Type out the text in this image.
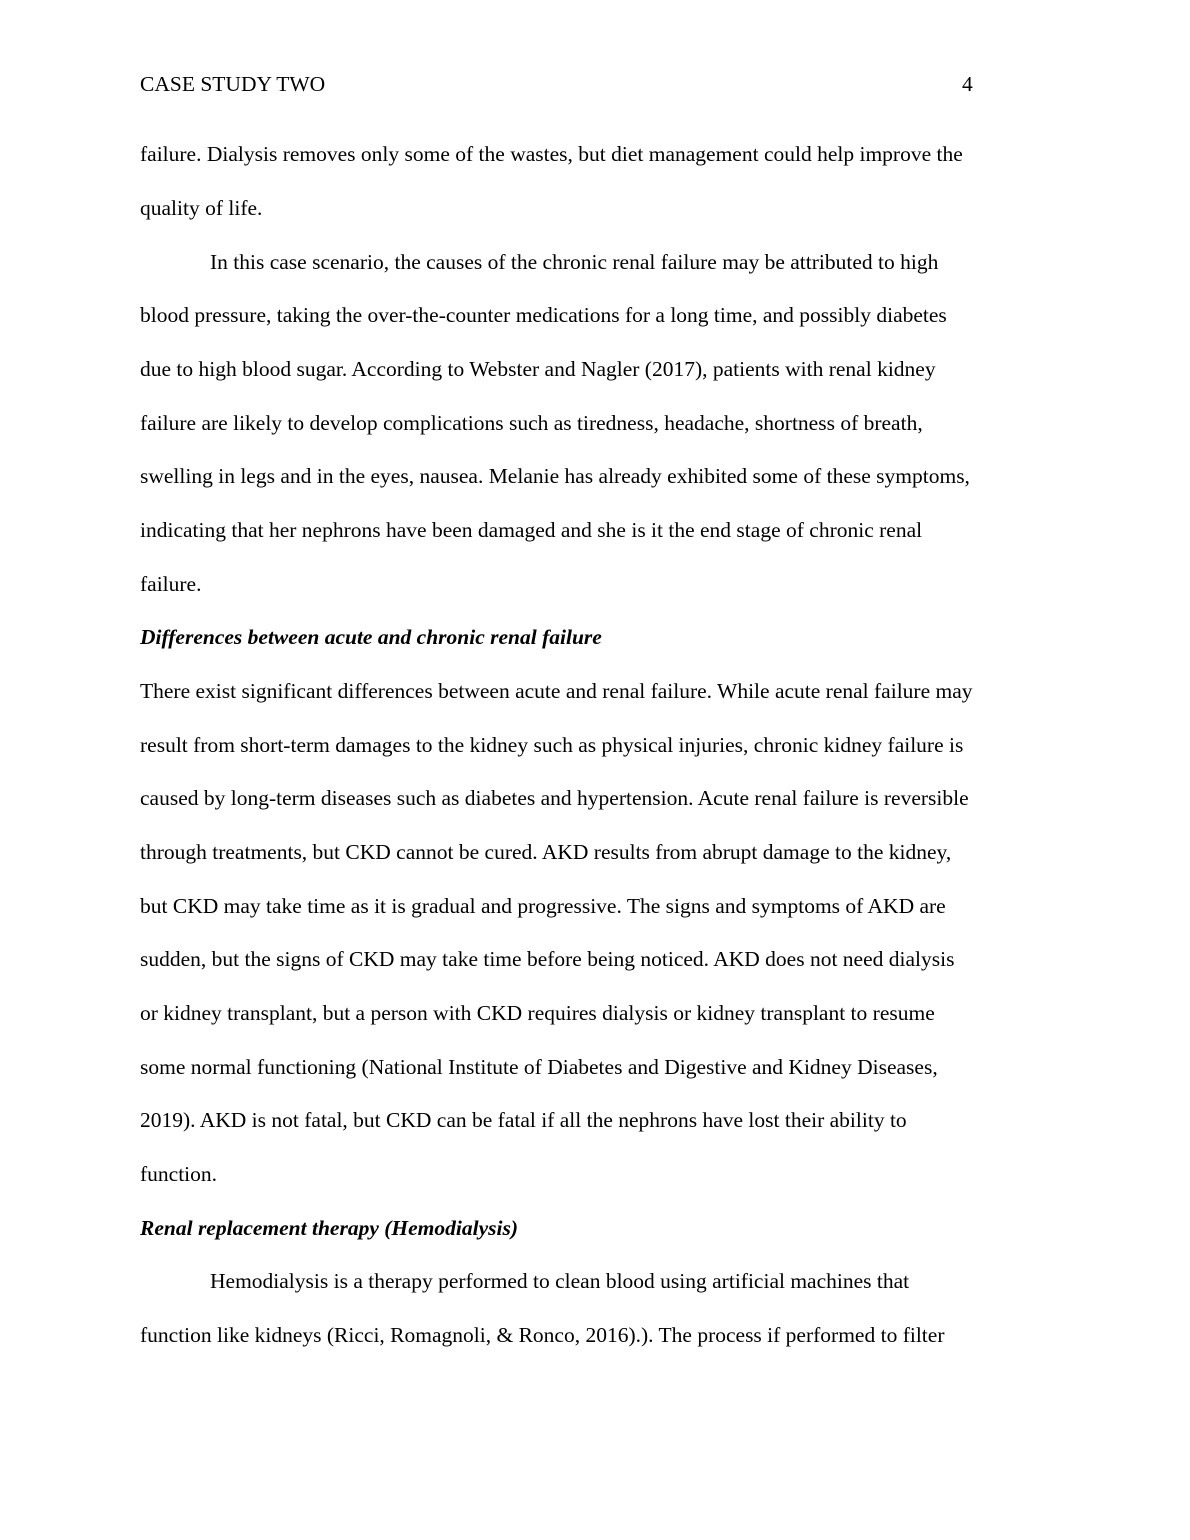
CASE STUDY TWO	4
failure. Dialysis removes only some of the wastes, but diet management could help improve the
quality of life.
In this case scenario, the causes of the chronic renal failure may be attributed to high
blood pressure, taking the over-the-counter medications for a long time, and possibly diabetes
due to high blood sugar. According to Webster and Nagler (2017), patients with renal kidney
failure are likely to develop complications such as tiredness, headache, shortness of breath,
swelling in legs and in the eyes, nausea. Melanie has already exhibited some of these symptoms,
indicating that her nephrons have been damaged and she is it the end stage of chronic renal
failure.
Differences between acute and chronic renal failure
There exist significant differences between acute and renal failure. While acute renal failure may
result from short-term damages to the kidney such as physical injuries, chronic kidney failure is
caused by long-term diseases such as diabetes and hypertension. Acute renal failure is reversible
through treatments, but CKD cannot be cured. AKD results from abrupt damage to the kidney,
but CKD may take time as it is gradual and progressive. The signs and symptoms of AKD are
sudden, but the signs of CKD may take time before being noticed. AKD does not need dialysis
or kidney transplant, but a person with CKD requires dialysis or kidney transplant to resume
some normal functioning (National Institute of Diabetes and Digestive and Kidney Diseases,
2019). AKD is not fatal, but CKD can be fatal if all the nephrons have lost their ability to
function.
Renal replacement therapy (Hemodialysis)
Hemodialysis is a therapy performed to clean blood using artificial machines that
function like kidneys (Ricci, Romagnoli, & Ronco, 2016).). The process if performed to filter
